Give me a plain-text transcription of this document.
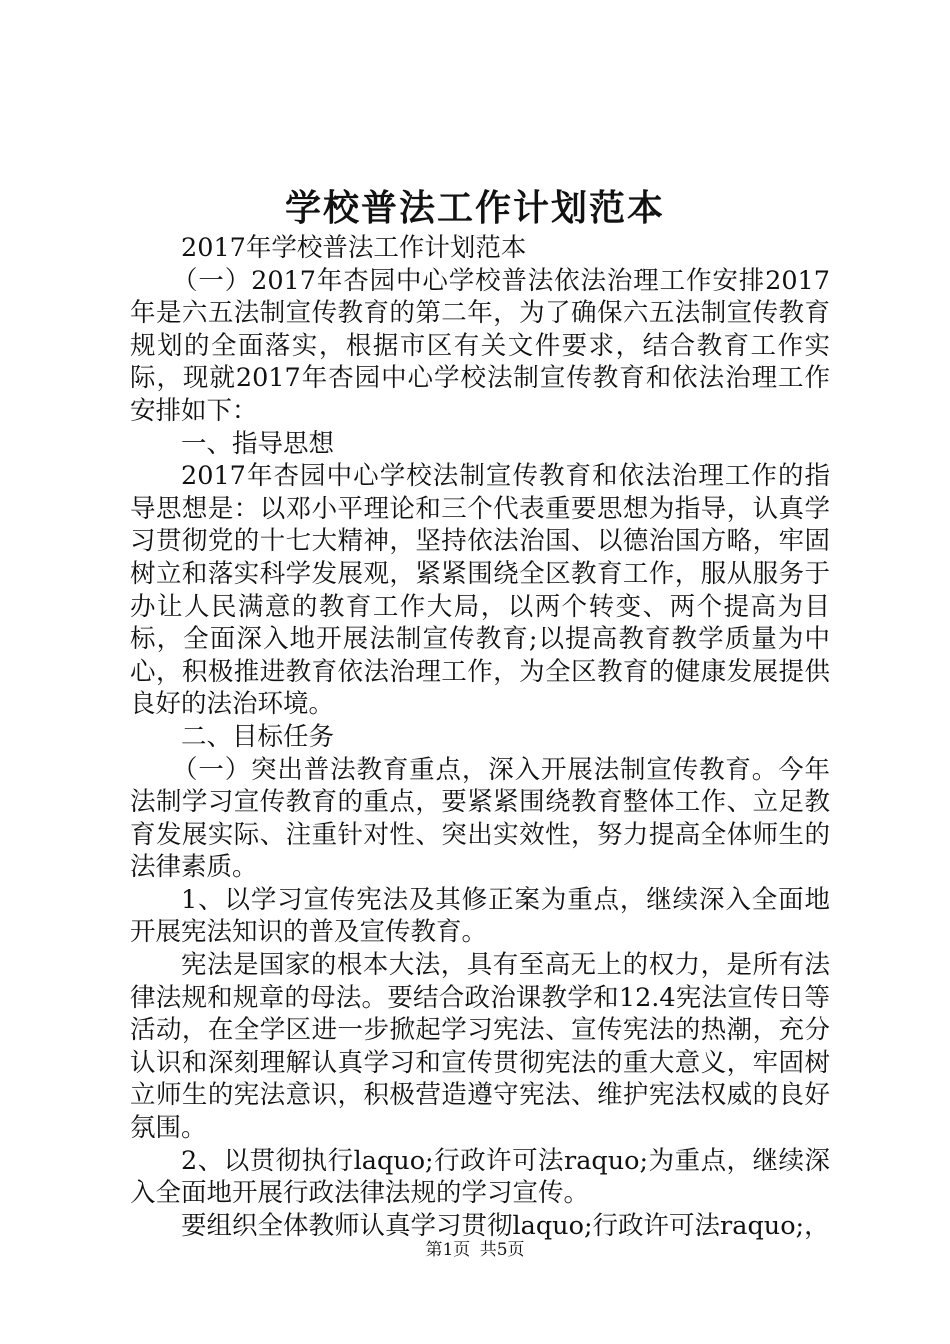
学校普法工作计划范本

2017年学校普法工作计划范本

（一）2017年杏园中心学校普法依法治理工作安排2017年是六五法制宣传教育的第二年，为了确保六五法制宣传教育规划的全面落实，根据市区有关文件要求，结合教育工作实际，现就2017年杏园中心学校法制宣传教育和依法治理工作安排如下：

一、指导思想

2017年杏园中心学校法制宣传教育和依法治理工作的指导思想是：以邓小平理论和三个代表重要思想为指导，认真学习贯彻党的十七大精神，坚持依法治国、以德治国方略，牢固树立和落实科学发展观，紧紧围绕全区教育工作，服从服务于办让人民满意的教育工作大局，以两个转变、两个提高为目标，全面深入地开展法制宣传教育;以提高教育教学质量为中心，积极推进教育依法治理工作，为全区教育的健康发展提供良好的法治环境。

二、目标任务

（一）突出普法教育重点，深入开展法制宣传教育。今年法制学习宣传教育的重点，要紧紧围绕教育整体工作、立足教育发展实际、注重针对性、突出实效性，努力提高全体师生的法律素质。

1、以学习宣传宪法及其修正案为重点，继续深入全面地开展宪法知识的普及宣传教育。

宪法是国家的根本大法，具有至高无上的权力，是所有法律法规和规章的母法。要结合政治课教学和12.4宪法宣传日等活动，在全学区进一步掀起学习宪法、宣传宪法的热潮，充分认识和深刻理解认真学习和宣传贯彻宪法的重大意义，牢固树立师生的宪法意识，积极营造遵守宪法、维护宪法权威的良好氛围。

2、以贯彻执行laquo;行政许可法raquo;为重点，继续深入全面地开展行政法律法规的学习宣传。

要组织全体教师认真学习贯彻laquo;行政许可法raquo;，

第1页 共5页
